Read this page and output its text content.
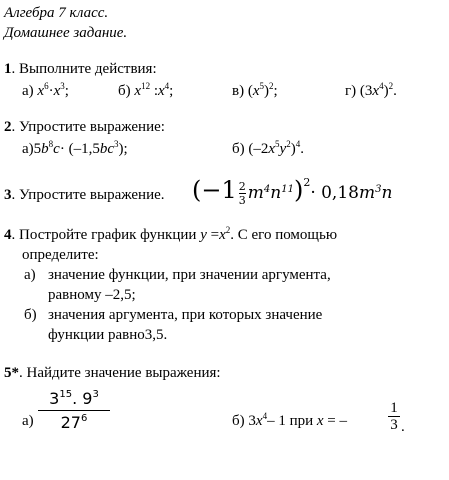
Алгебра 7 класс.
Домашнее задание.
1. Выполните действия:
а) $x^6\cdot x^3$;	б) $x^{12}$ $:x^4$;	в) $(x^5)^2$;	г) $(3x^4)^2$.
2. Упростите выражение:
$а)5b^8c\cdot (-1,5bc^3)$;	б) $(-2x^5y^2)^4$.
3. Упростите выражение. $(-1 \frac{2}{3} m^4n^{11})^2\cdot 0,18m^3n$
4. Постройте график функции $y =x^2$. С его помощью
определите:
а) значение функции, при значении аргумента,
равному –2,5;
б) значения аргумента, при которых значение
функции равно3,5.
5*. Найдите значение выражения:
а)
$3^{15}$. $9^3$
$27^6$	б) $3x^4-$ 1 при x = –
1
3 .
